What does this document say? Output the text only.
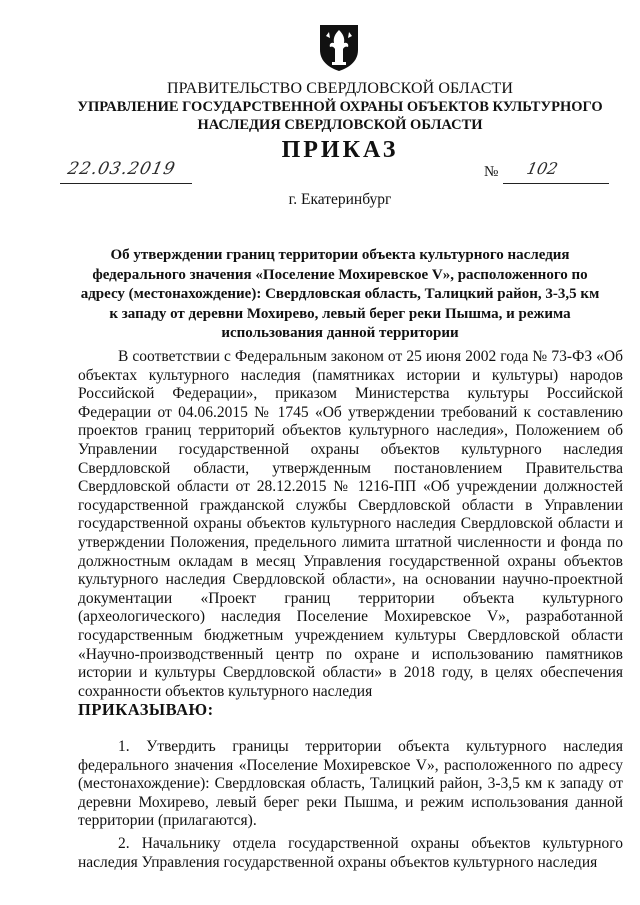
ПРАВИТЕЛЬСТВО СВЕРДЛОВСКОЙ ОБЛАСТИ
УПРАВЛЕНИЕ ГОСУДАРСТВЕННОЙ ОХРАНЫ ОБЪЕКТОВ КУЛЬТУРНОГО НАСЛЕДИЯ СВЕРДЛОВСКОЙ ОБЛАСТИ
ПРИКАЗ
22.03.2019	№ 102
г. Екатеринбург
Об утверждении границ территории объекта культурного наследия федерального значения «Поселение Мохиревское V», расположенного по адресу (местонахождение): Свердловская область, Талицкий район, 3-3,5 км к западу от деревни Мохирево, левый берег реки Пышма, и режима использования данной территории

В соответствии с Федеральным законом от 25 июня 2002 года № 73-ФЗ «Об объектах культурного наследия (памятниках истории и культуры) народов Российской Федерации», приказом Министерства культуры Российской Федерации от 04.06.2015 № 1745 «Об утверждении требований к составлению проектов границ территорий объектов культурного наследия», Положением об Управлении государственной охраны объектов культурного наследия Свердловской области, утвержденным постановлением Правительства Свердловской области от 28.12.2015 № 1216-ПП «Об учреждении должностей государственной гражданской службы Свердловской области в Управлении государственной охраны объектов культурного наследия Свердловской области и утверждении Положения, предельного лимита штатной численности и фонда по должностным окладам в месяц Управления государственной охраны объектов культурного наследия Свердловской области», на основании научно-проектной документации «Проект границ территории объекта культурного (археологического) наследия Поселение Мохиревское V», разработанной государственным бюджетным учреждением культуры Свердловской области «Научно-производственный центр по охране и использованию памятников истории и культуры Свердловской области» в 2018 году, в целях обеспечения сохранности объектов культурного наследия

ПРИКАЗЫВАЮ:

1. Утвердить границы территории объекта культурного наследия федерального значения «Поселение Мохиревское V», расположенного по адресу (местонахождение): Свердловская область, Талицкий район, 3-3,5 км к западу от деревни Мохирево, левый берег реки Пышма, и режим использования данной территории (прилагаются).

2. Начальнику отдела государственной охраны объектов культурного наследия Управления государственной охраны объектов культурного наследия
